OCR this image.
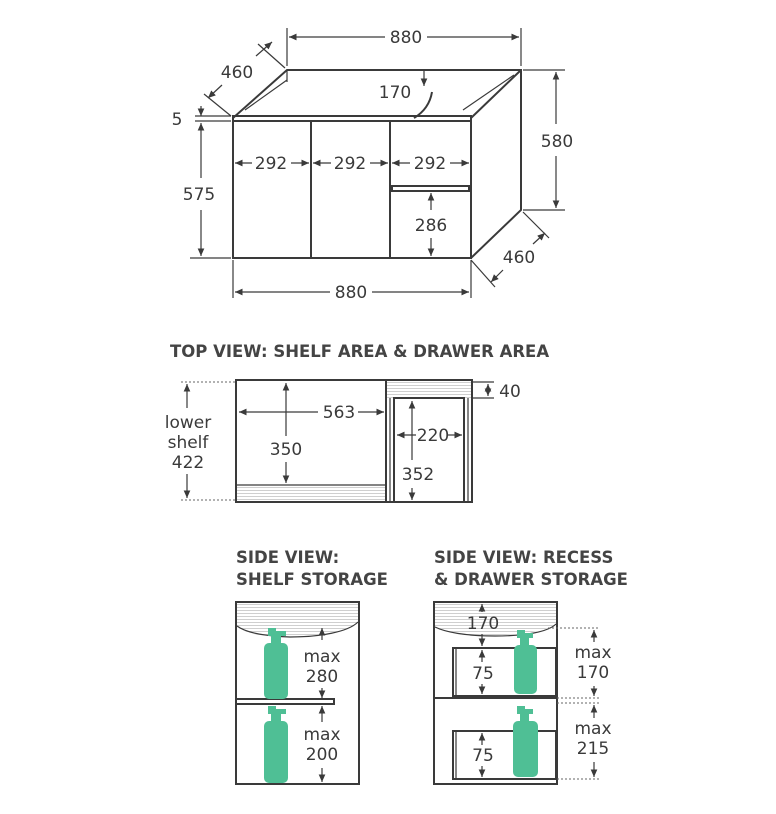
880
460
170
5
575
580
292	292	292
286
460
880
TOP VIEW: SHELF AREA & DRAWER AREA
lower
shelf
422
563
350
40
220
352
SIDE VIEW:
SHELF STORAGE
max
280
max
200
SIDE VIEW: RECESS
& DRAWER STORAGE
170
75
75
max
170
max
215
